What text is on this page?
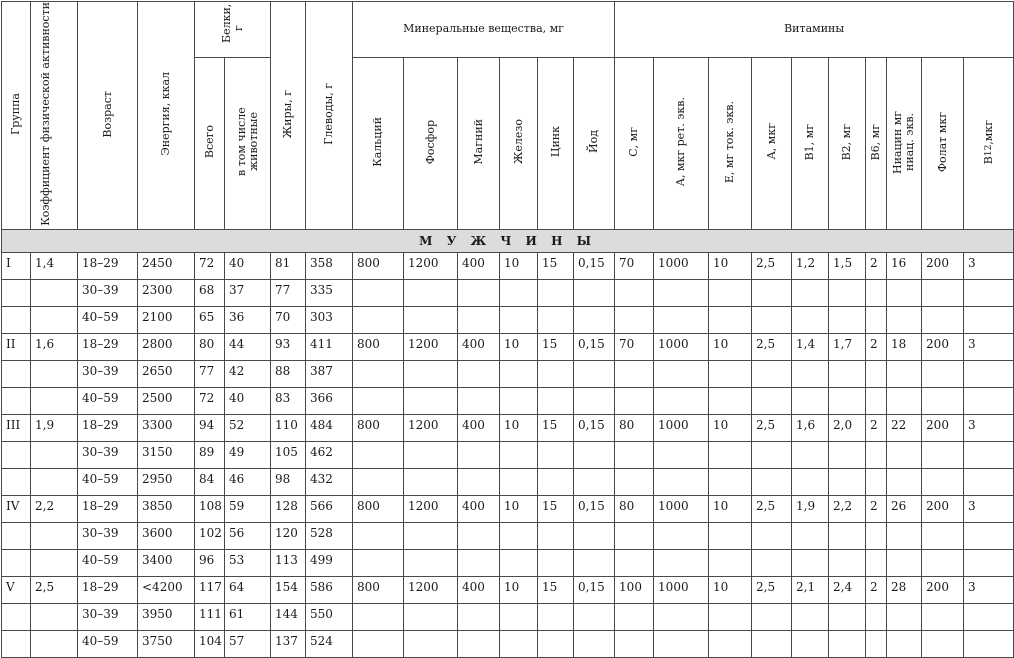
Группа	Коэффициент физической активности	Возраст	Энергия, ккал	Белки, г		Жиры, г	Глеводы, г	Минеральные вещества, мг						Витамины									
				Всего	в том числе животные			Кальций	Фосфор	Магний	Железо	Цинк	Йод	С, мг	А, мкг рет. экв.	Е, мг ток. экв.	А, мкг	В1, мг	В2, мг	В6, мг	Ниацин мг ниац. экв.	Фолат мкг	В12,мкг
М У Ж Ч И Н Ы																							
I	1,4	18–29	2450	72	40	81	358	800	1200	400	10	15	0,15	70	1000	10	2,5	1,2	1,5	2	16	200	3
		30–39	2300	68	37	77	335																
		40–59	2100	65	36	70	303																
II	1,6	18–29	2800	80	44	93	411	800	1200	400	10	15	0,15	70	1000	10	2,5	1,4	1,7	2	18	200	3
		30–39	2650	77	42	88	387																
		40–59	2500	72	40	83	366																
III	1,9	18–29	3300	94	52	110	484	800	1200	400	10	15	0,15	80	1000	10	2,5	1,6	2,0	2	22	200	3
		30–39	3150	89	49	105	462																
		40–59	2950	84	46	98	432																
IV	2,2	18–29	3850	108	59	128	566	800	1200	400	10	15	0,15	80	1000	10	2,5	1,9	2,2	2	26	200	3
		30–39	3600	102	56	120	528																
		40–59	3400	96	53	113	499																
V	2,5	18–29	<4200	117	64	154	586	800	1200	400	10	15	0,15	100	1000	10	2,5	2,1	2,4	2	28	200	3
		30–39	3950	111	61	144	550																
		40–59	3750	104	57	137	524																
